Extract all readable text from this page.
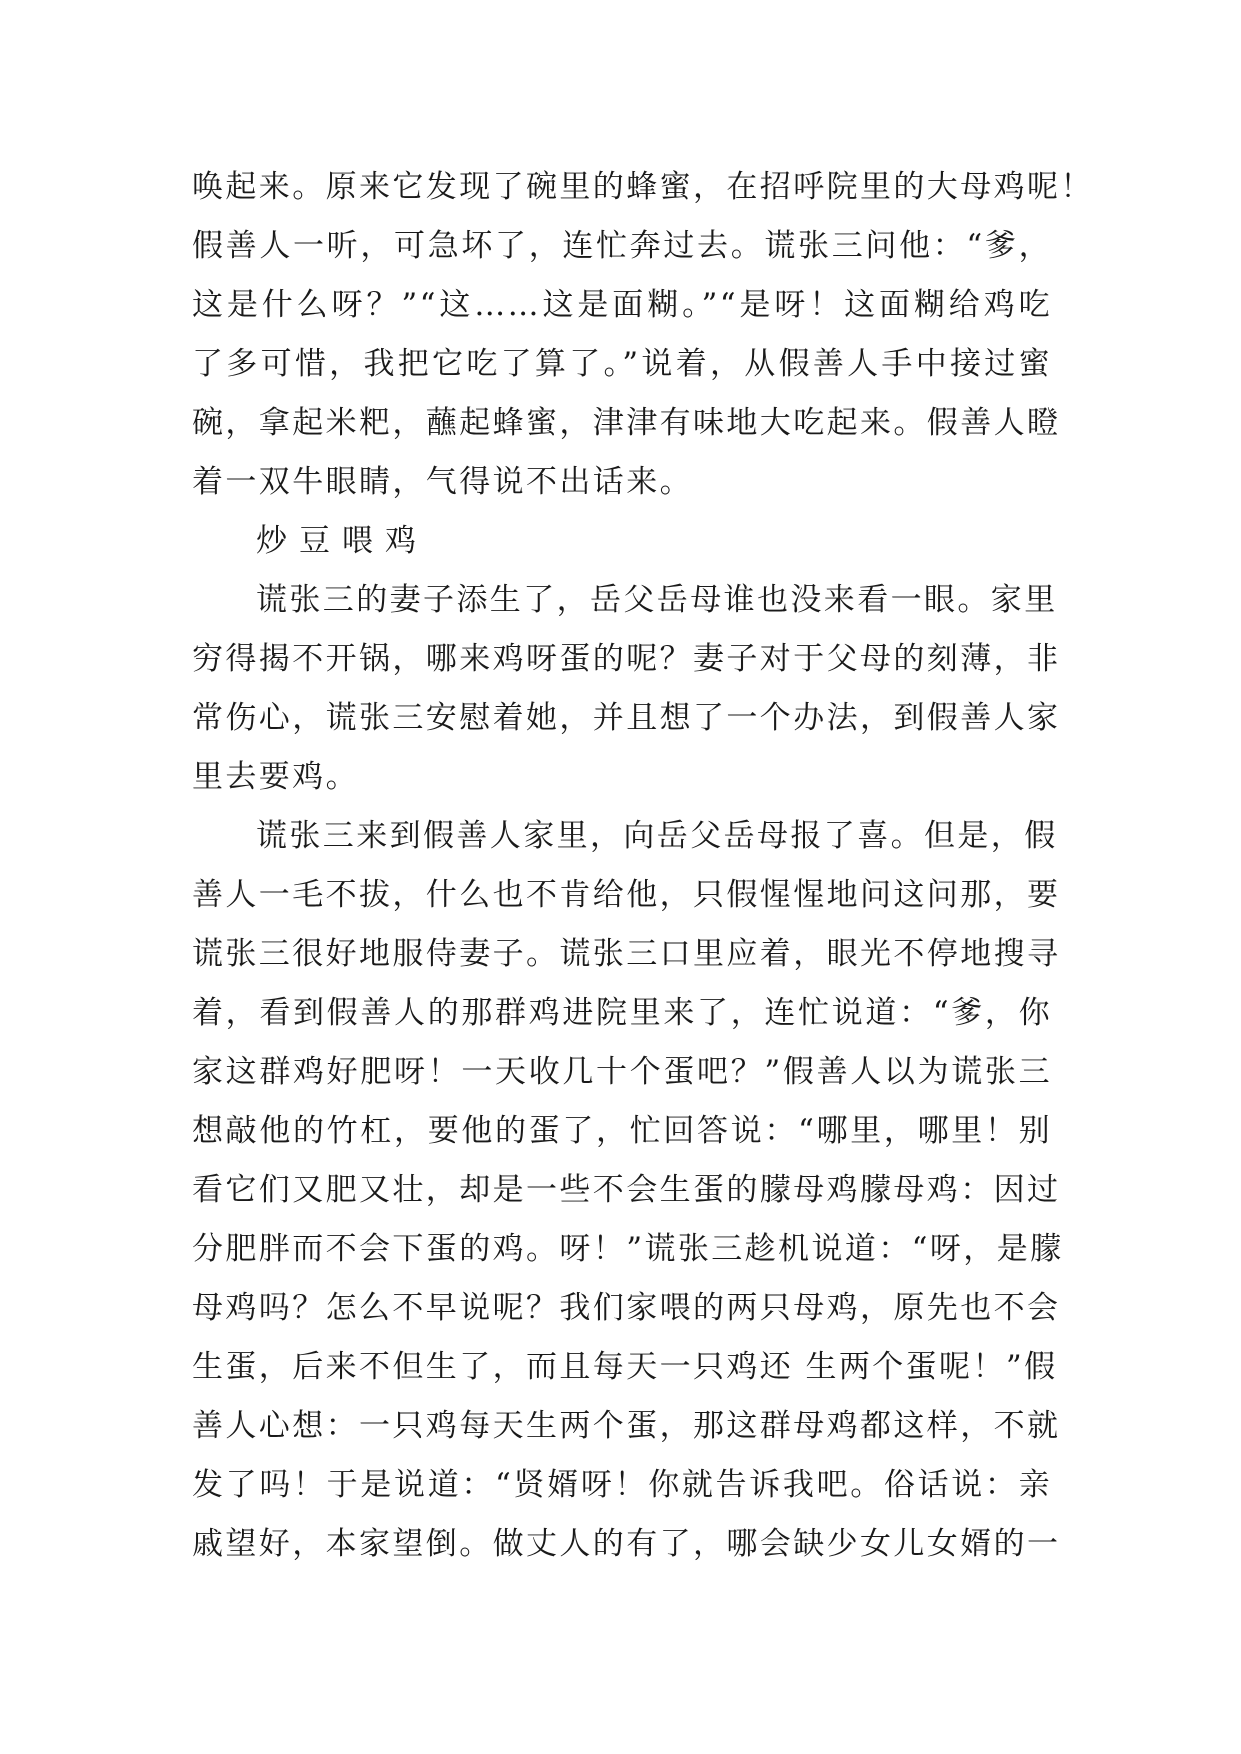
唤起来。原来它发现了碗里的蜂蜜，在招呼院里的大母鸡呢！
假善人一听，可急坏了，连忙奔过去。谎张三问他：“爹，
这是什么呀？”“这……这是面糊。”“是呀！这面糊给鸡吃
了多可惜，我把它吃了算了。”说着，从假善人手中接过蜜
碗，拿起米粑，蘸起蜂蜜，津津有味地大吃起来。假善人瞪
着一双牛眼睛，气得说不出话来。
炒豆喂鸡
谎张三的妻子添生了，岳父岳母谁也没来看一眼。家里
穷得揭不开锅，哪来鸡呀蛋的呢？妻子对于父母的刻薄，非
常伤心，谎张三安慰着她，并且想了一个办法，到假善人家
里去要鸡。
谎张三来到假善人家里，向岳父岳母报了喜。但是，假
善人一毛不拔，什么也不肯给他，只假惺惺地问这问那，要
谎张三很好地服侍妻子。谎张三口里应着，眼光不停地搜寻
着，看到假善人的那群鸡进院里来了，连忙说道：“爹，你
家这群鸡好肥呀！一天收几十个蛋吧？”假善人以为谎张三
想敲他的竹杠，要他的蛋了，忙回答说：“哪里，哪里！别
看它们又肥又壮，却是一些不会生蛋的朦母鸡朦母鸡：因过
分肥胖而不会下蛋的鸡。呀！”谎张三趁机说道：“呀，是朦
母鸡吗？怎么不早说呢？我们家喂的两只母鸡，原先也不会
生蛋，后来不但生了，而且每天一只鸡还 生两个蛋呢！”假
善人心想：一只鸡每天生两个蛋，那这群母鸡都这样，不就
发了吗！于是说道：“贤婿呀！你就告诉我吧。俗话说：亲
戚望好，本家望倒。做丈人的有了，哪会缺少女儿女婿的一
